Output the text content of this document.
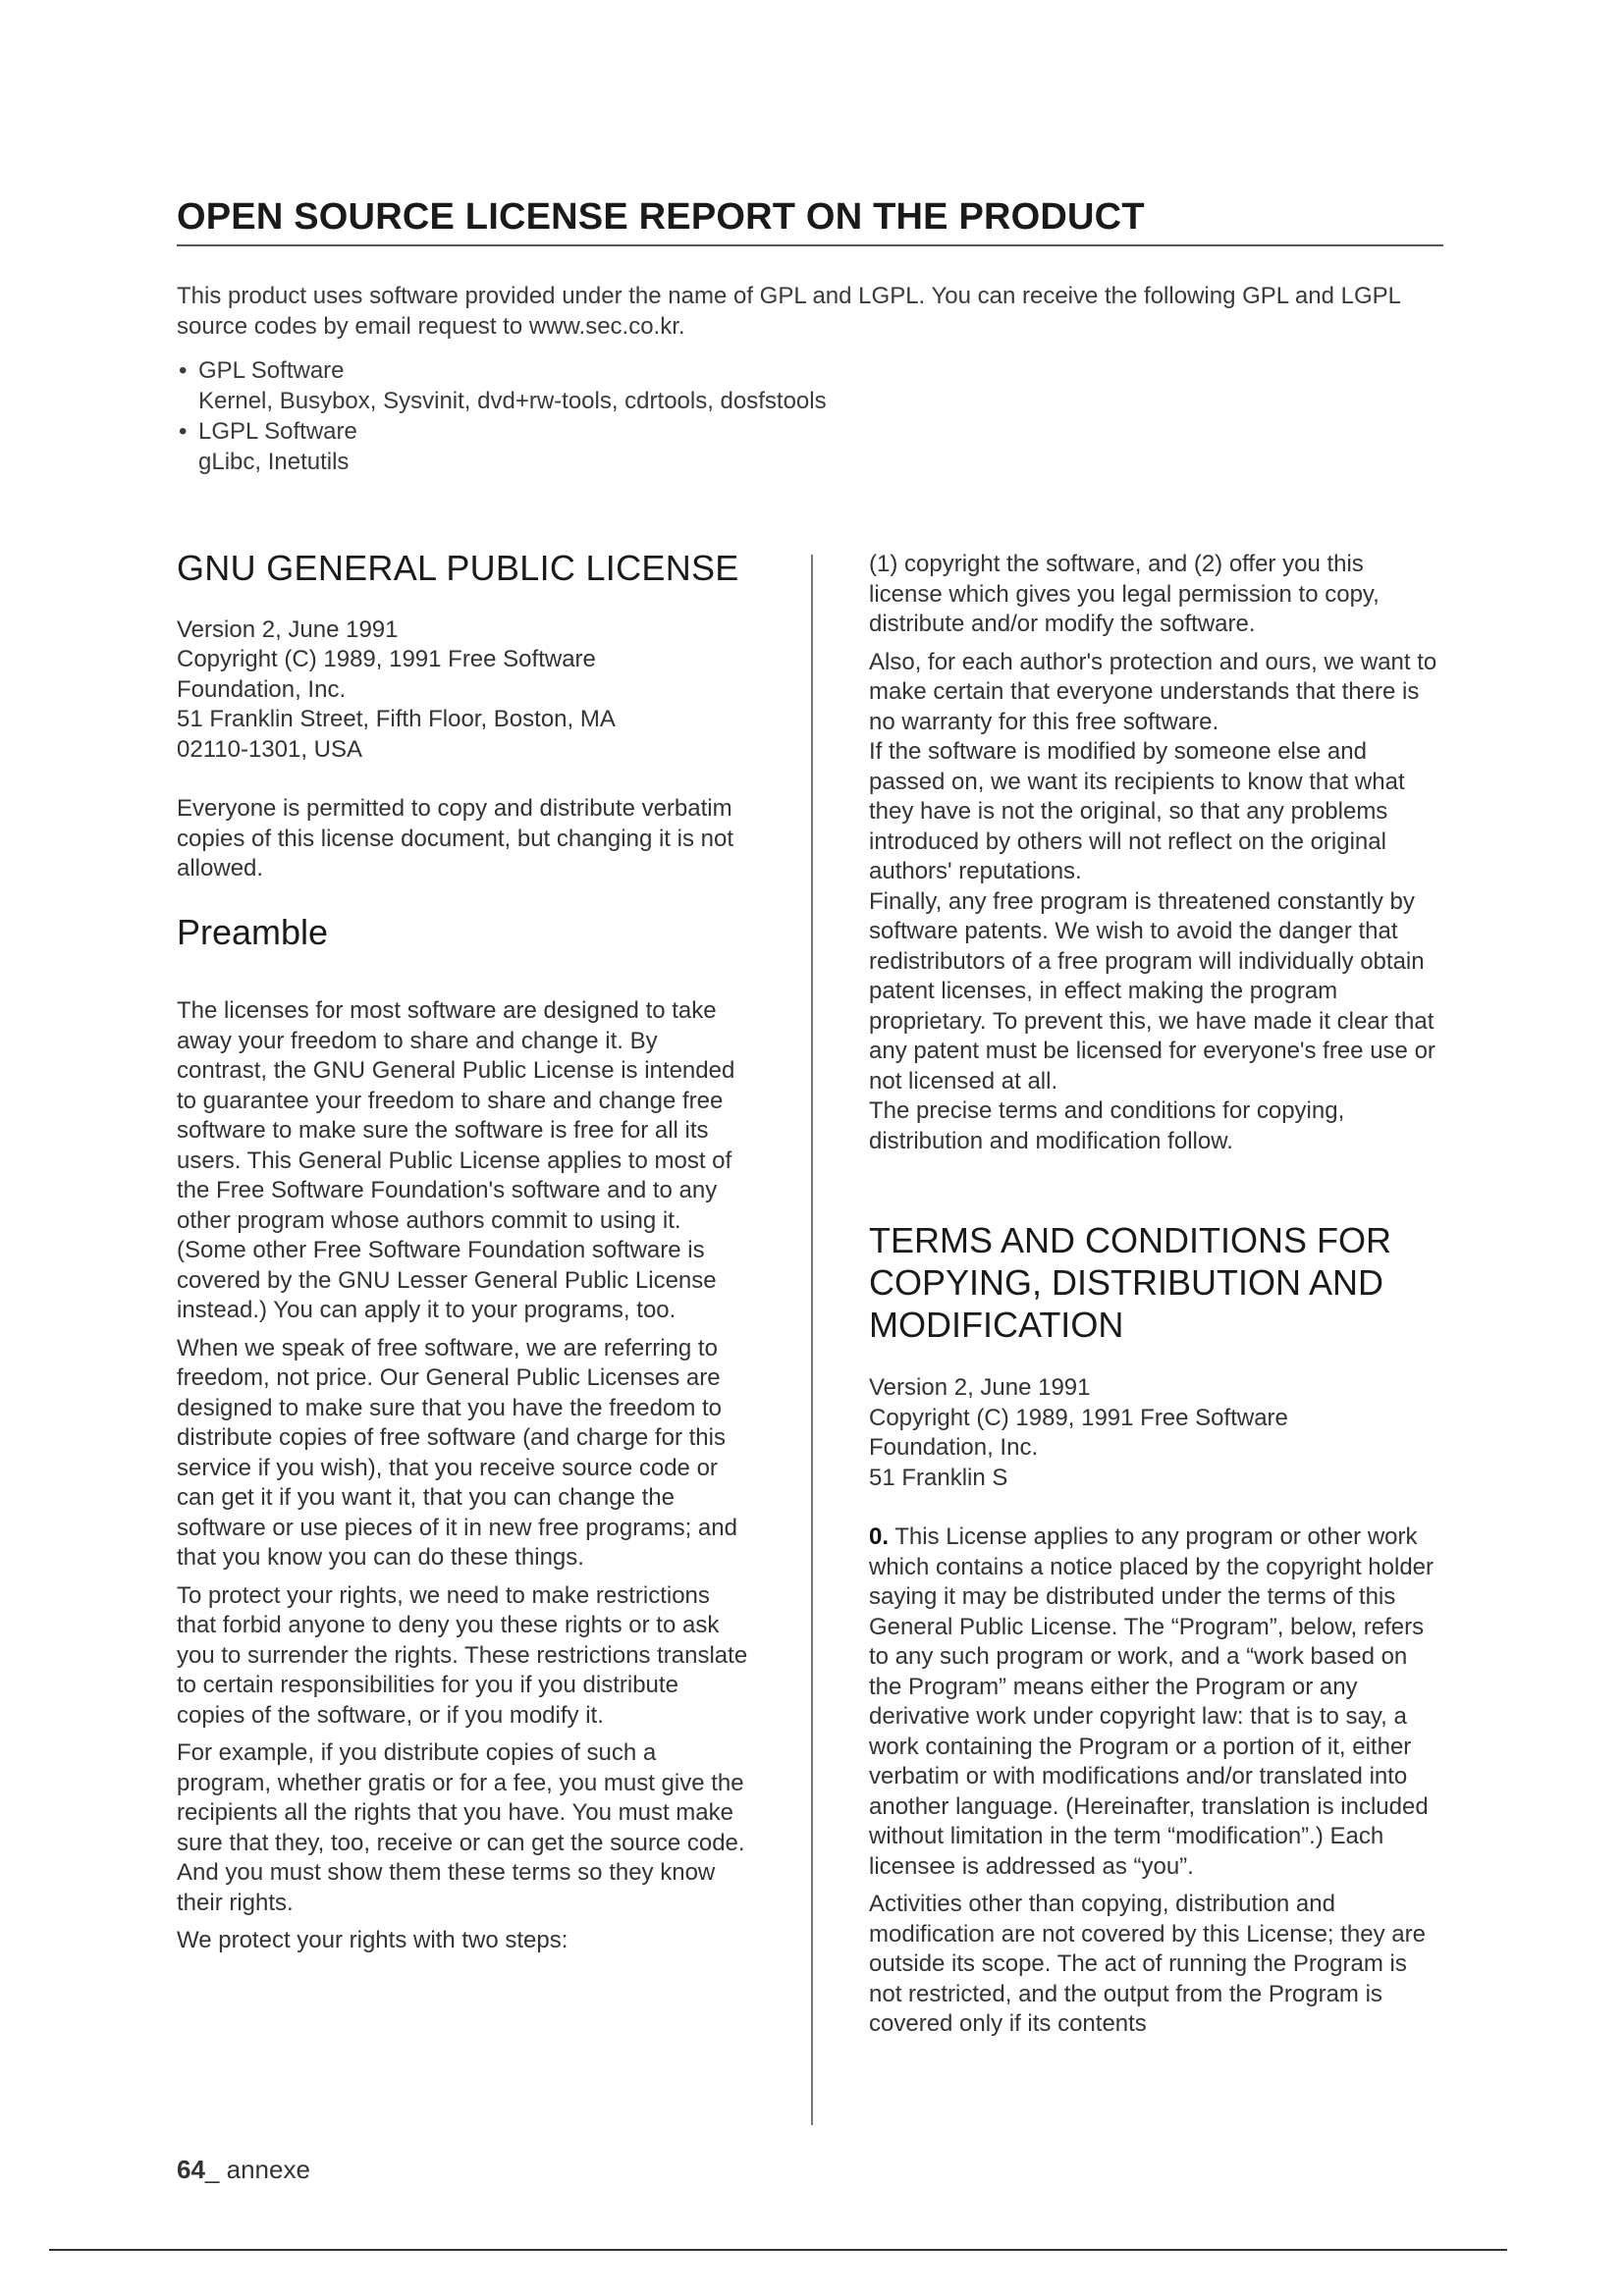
OPEN SOURCE LICENSE REPORT ON THE PRODUCT

This product uses software provided under the name of GPL and LGPL. You can receive the following GPL and LGPL source codes by email request to www.sec.co.kr.

• GPL Software
Kernel, Busybox, Sysvinit, dvd+rw-tools, cdrtools, dosfstools
• LGPL Software
gLibc, Inetutils
GNU GENERAL PUBLIC LICENSE
Version 2, June 1991
Copyright (C) 1989, 1991 Free Software
Foundation, Inc.
51 Franklin Street, Fifth Floor, Boston, MA
02110-1301, USA

Everyone is permitted to copy and distribute verbatim copies of this license document, but changing it is not allowed.

Preamble

The licenses for most software are designed to take away your freedom to share and change it. By contrast, the GNU General Public License is intended to guarantee your freedom to share and change free software to make sure the software is free for all its users. This General Public License applies to most of the Free Software Foundation's software and to any other program whose authors commit to using it. (Some other Free Software Foundation software is covered by the GNU Lesser General Public License instead.) You can apply it to your programs, too.

When we speak of free software, we are referring to freedom, not price. Our General Public Licenses are designed to make sure that you have the freedom to distribute copies of free software (and charge for this service if you wish), that you receive source code or can get it if you want it, that you can change the software or use pieces of it in new free programs; and that you know you can do these things.

To protect your rights, we need to make restrictions that forbid anyone to deny you these rights or to ask you to surrender the rights. These restrictions translate to certain responsibilities for you if you distribute copies of the software, or if you modify it.

For example, if you distribute copies of such a program, whether gratis or for a fee, you must give the recipients all the rights that you have. You must make sure that they, too, receive or can get the source code. And you must show them these terms so they know their rights.

We protect your rights with two steps:

(1) copyright the software, and (2) offer you this license which gives you legal permission to copy, distribute and/or modify the software.

Also, for each author's protection and ours, we want to make certain that everyone understands that there is no warranty for this free software.

If the software is modified by someone else and passed on, we want its recipients to know that what they have is not the original, so that any problems introduced by others will not reflect on the original authors' reputations.

Finally, any free program is threatened constantly by software patents. We wish to avoid the danger that redistributors of a free program will individually obtain patent licenses, in effect making the program proprietary. To prevent this, we have made it clear that any patent must be licensed for everyone's free use or not licensed at all.

The precise terms and conditions for copying, distribution and modification follow.

TERMS AND CONDITIONS FOR COPYING, DISTRIBUTION AND MODIFICATION
Version 2, June 1991
Copyright (C) 1989, 1991 Free Software
Foundation, Inc.
51 Franklin S

0. This License applies to any program or other work which contains a notice placed by the copyright holder saying it may be distributed under the terms of this General Public License. The “Program”, below, refers to any such program or work, and a “work based on the Program” means either the Program or any derivative work under copyright law: that is to say, a work containing the Program or a portion of it, either verbatim or with modifications and/or translated into another language. (Hereinafter, translation is included without limitation in the term “modification”.) Each licensee is addressed as “you”.

Activities other than copying, distribution and modification are not covered by this License; they are outside its scope. The act of running the Program is not restricted, and the output from the Program is covered only if its contents

64_ annexe
